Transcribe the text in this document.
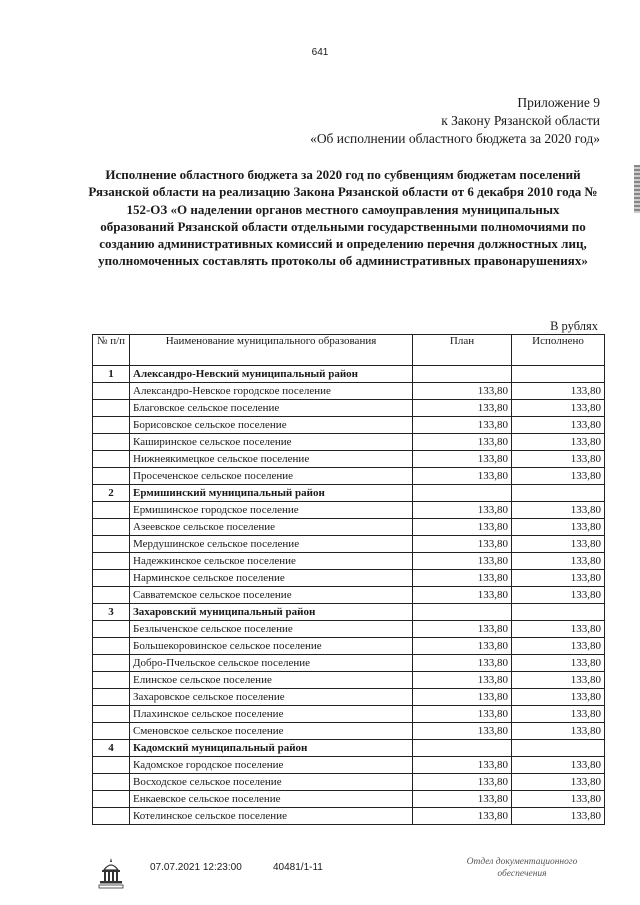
641
Приложение 9
к Закону Рязанской области
«Об исполнении областного бюджета за 2020 год»
Исполнение областного бюджета за 2020 год по субвенциям бюджетам поселений Рязанской области на реализацию Закона Рязанской области от 6 декабря 2010 года № 152-ОЗ «О наделении органов местного самоуправления муниципальных образований Рязанской области отдельными государственными полномочиями по созданию административных комиссий и определению перечня должностных лиц, уполномоченных составлять протоколы об административных правонарушениях»
В рублях
№ п/п	Наименование муниципального образования	План	Исполнено
1	Александро-Невский муниципальный район		
	Александро-Невское городское поселение	133,80	133,80
	Благовское сельское поселение	133,80	133,80
	Борисовское сельское поселение	133,80	133,80
	Каширинское сельское поселение	133,80	133,80
	Нижнеякимецкое сельское поселение	133,80	133,80
	Просеченское сельское поселение	133,80	133,80
2	Ермишинский муниципальный район		
	Ермишинское городское поселение	133,80	133,80
	Азеевское сельское поселение	133,80	133,80
	Мердушинское сельское поселение	133,80	133,80
	Надежкинское сельское поселение	133,80	133,80
	Нарминское сельское поселение	133,80	133,80
	Савватемское сельское поселение	133,80	133,80
3	Захаровский муниципальный район		
	Безлыченское сельское поселение	133,80	133,80
	Большекоровинское сельское поселение	133,80	133,80
	Добро-Пчельское сельское поселение	133,80	133,80
	Елинское сельское поселение	133,80	133,80
	Захаровское сельское поселение	133,80	133,80
	Плахинское сельское поселение	133,80	133,80
	Сменовское сельское поселение	133,80	133,80
4	Кадомский муниципальный район		
	Кадомское городское поселение	133,80	133,80
	Восходское сельское поселение	133,80	133,80
	Енкаевское сельское поселение	133,80	133,80
	Котелинское сельское поселение	133,80	133,80
07.07.2021 12:23:00	40481/1-11	Отдел документационного
обеспечения
